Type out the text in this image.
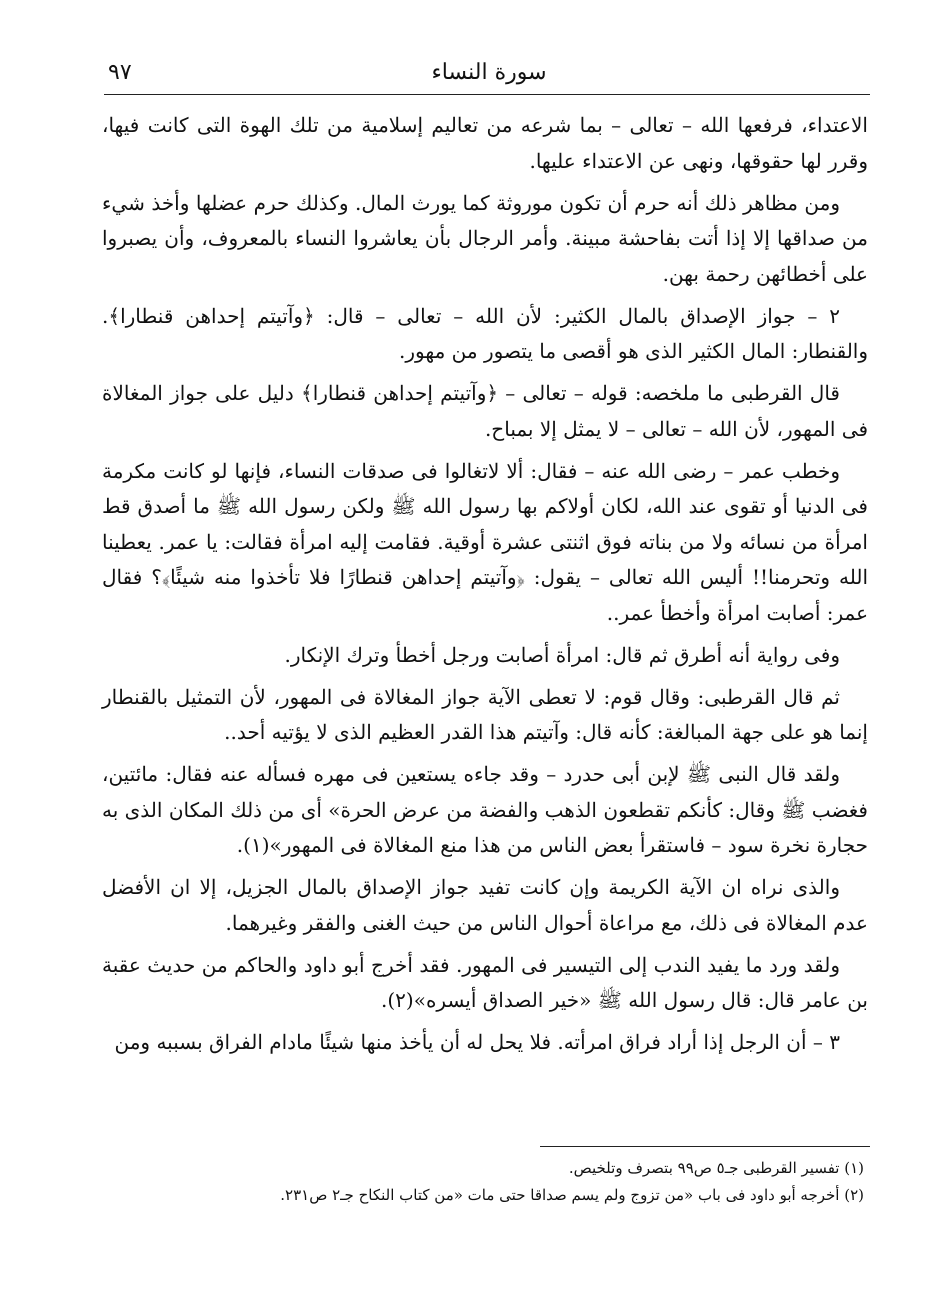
سورة النساء
٩٧

الاعتداء، فرفعها الله – تعالى – بما شرعه من تعاليم إسلامية من تلك الهوة التى كانت فيها، وقرر لها حقوقها، ونهى عن الاعتداء عليها.

ومن مظاهر ذلك أنه حرم أن تكون موروثة كما يورث المال. وكذلك حرم عضلها وأخذ شيء من صداقها إلا إذا أتت بفاحشة مبينة. وأمر الرجال بأن يعاشروا النساء بالمعروف، وأن يصبروا على أخطائهن رحمة بهن.

٢ – جواز الإصداق بالمال الكثير: لأن الله – تعالى – قال: ﴿وآتيتم إحداهن قنطارا﴾. والقنطار: المال الكثير الذى هو أقصى ما يتصور من مهور.

قال القرطبى ما ملخصه: قوله – تعالى – ﴿وآتيتم إحداهن قنطارا﴾ دليل على جواز المغالاة فى المهور، لأن الله – تعالى – لا يمثل إلا بمباح.

وخطب عمر – رضى الله عنه – فقال: ألا لاتغالوا فى صدقات النساء، فإنها لو كانت مكرمة فى الدنيا أو تقوى عند الله، لكان أولاكم بها رسول الله ﷺ ولكن رسول الله ﷺ ما أصدق قط امرأة من نسائه ولا من بناته فوق اثنتى عشرة أوقية. فقامت إليه امرأة فقالت: يا عمر. يعطينا الله وتحرمنا!! أليس الله تعالى – يقول: ﴿وآتيتم إحداهن قنطارًا فلا تأخذوا منه شيئًا﴾؟ فقال عمر: أصابت امرأة وأخطأ عمر..

وفى رواية أنه أطرق ثم قال: امرأة أصابت ورجل أخطأ وترك الإنكار.

ثم قال القرطبى: وقال قوم: لا تعطى الآية جواز المغالاة فى المهور، لأن التمثيل بالقنطار إنما هو على جهة المبالغة: كأنه قال: وآتيتم هذا القدر العظيم الذى لا يؤتيه أحد..

ولقد قال النبى ﷺ لإبن أبى حدرد – وقد جاءه يستعين فى مهره فسأله عنه فقال: مائتين، فغضب ﷺ وقال: كأنكم تقطعون الذهب والفضة من عرض الحرة» أى من ذلك المكان الذى به حجارة نخرة سود – فاستقرأ بعض الناس من هذا منع المغالاة فى المهور»(١).

والذى نراه ان الآية الكريمة وإن كانت تفيد جواز الإصداق بالمال الجزيل، إلا ان الأفضل عدم المغالاة فى ذلك، مع مراعاة أحوال الناس من حيث الغنى والفقر وغيرهما.

ولقد ورد ما يفيد الندب إلى التيسير فى المهور. فقد أخرج أبو داود والحاكم من حديث عقبة بن عامر قال: قال رسول الله ﷺ «خير الصداق أيسره»(٢).

٣ – أن الرجل إذا أراد فراق امرأته. فلا يحل له أن يأخذ منها شيئًا مادام الفراق بسببه ومن

(١) تفسير القرطبى جـ٥ ص٩٩ بتصرف وتلخيص.

(٢) أخرجه أبو داود فى باب «من تزوج ولم يسم صداقا حتى مات «من كتاب النكاح جـ٢ ص٢٣١.
